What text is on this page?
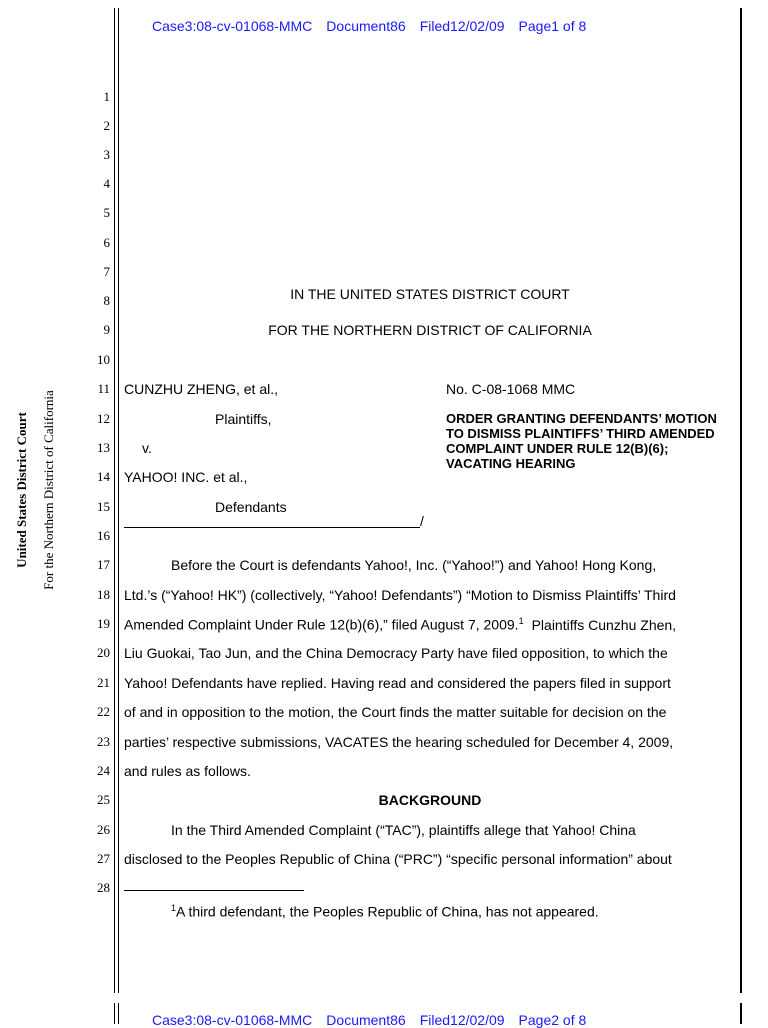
Case3:08-cv-01068-MMC Document86 Filed12/02/09 Page1 of 8
United States District Court For the Northern District of California
1
2
3
4
5
6
7
8
9
10
11
12
13
14
15
16
17
18
19
20
21
22
23
24
25
26
27
28
IN THE UNITED STATES DISTRICT COURT
FOR THE NORTHERN DISTRICT OF CALIFORNIA
CUNZHU ZHENG, et al.,
Plaintiffs,
v.
YAHOO! INC. et al.,
Defendants
/
No. C-08-1068 MMC
ORDER GRANTING DEFENDANTS’ MOTION TO DISMISS PLAINTIFFS’ THIRD AMENDED COMPLAINT UNDER RULE 12(B)(6); VACATING HEARING
Before the Court is defendants Yahoo!, Inc. (“Yahoo!”) and Yahoo! Hong Kong,
Ltd.’s (“Yahoo! HK”) (collectively, “Yahoo! Defendants”) “Motion to Dismiss Plaintiffs’ Third
Amended Complaint Under Rule 12(b)(6),” filed August 7, 2009.$^1$ Plaintiffs Cunzhu Zhen,
Liu Guokai, Tao Jun, and the China Democracy Party have filed opposition, to which the
Yahoo! Defendants have replied. Having read and considered the papers filed in support
of and in opposition to the motion, the Court finds the matter suitable for decision on the
parties’ respective submissions, VACATES the hearing scheduled for December 4, 2009,
and rules as follows.
BACKGROUND
In the Third Amended Complaint (“TAC”), plaintiffs allege that Yahoo! China
disclosed to the Peoples Republic of China (“PRC”) “specific personal information” about
$^1$A third defendant, the Peoples Republic of China, has not appeared.
Case3:08-cv-01068-MMC Document86 Filed12/02/09 Page2 of 8
